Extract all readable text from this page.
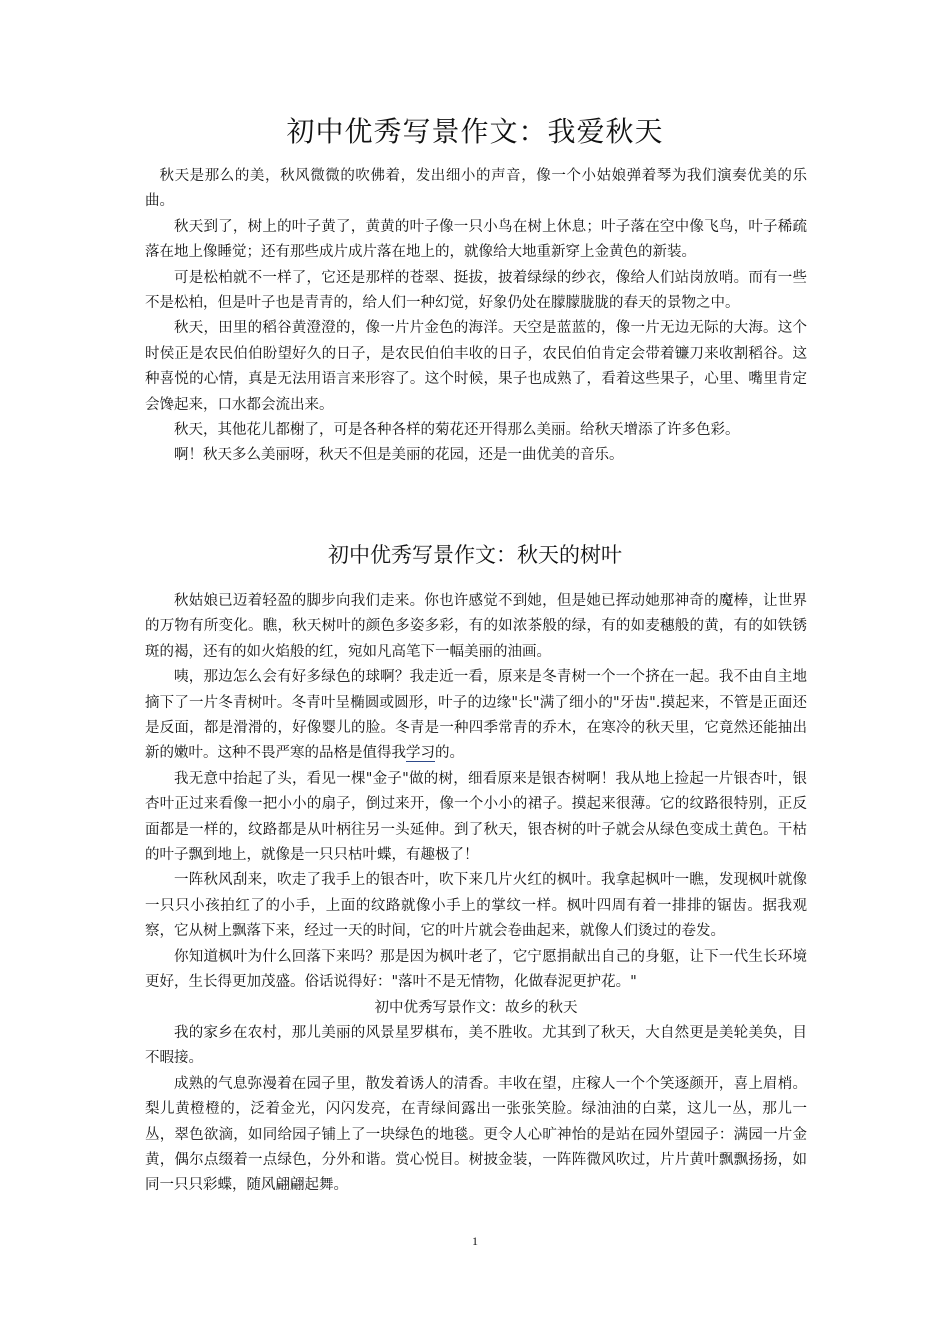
初中优秀写景作文：我爱秋天

秋天是那么的美，秋风微微的吹佛着，发出细小的声音，像一个小姑娘弹着琴为我们演奏优美的乐曲。

秋天到了，树上的叶子黄了，黄黄的叶子像一只小鸟在树上休息；叶子落在空中像飞鸟，叶子稀疏落在地上像睡觉；还有那些成片成片落在地上的，就像给大地重新穿上金黄色的新装。

可是松柏就不一样了，它还是那样的苍翠、挺拔，披着绿绿的纱衣，像给人们站岗放哨。而有一些不是松柏，但是叶子也是青青的，给人们一种幻觉，好象仍处在朦朦胧胧的春天的景物之中。

秋天，田里的稻谷黄澄澄的，像一片片金色的海洋。天空是蓝蓝的，像一片无边无际的大海。这个时侯正是农民伯伯盼望好久的日子，是农民伯伯丰收的日子，农民伯伯肯定会带着镰刀来收割稻谷。这种喜悦的心情，真是无法用语言来形容了。这个时候，果子也成熟了，看着这些果子，心里、嘴里肯定会馋起来，口水都会流出来。

秋天，其他花儿都榭了，可是各种各样的菊花还开得那么美丽。给秋天增添了许多色彩。

啊！秋天多么美丽呀，秋天不但是美丽的花园，还是一曲优美的音乐。

初中优秀写景作文：秋天的树叶

秋姑娘已迈着轻盈的脚步向我们走来。你也许感觉不到她，但是她已挥动她那神奇的魔棒，让世界的万物有所变化。瞧，秋天树叶的颜色多姿多彩，有的如浓茶般的绿，有的如麦穗般的黄，有的如铁锈斑的褐，还有的如火焰般的红，宛如凡高笔下一幅美丽的油画。

咦，那边怎么会有好多绿色的球啊？我走近一看，原来是冬青树一个一个挤在一起。我不由自主地摘下了一片冬青树叶。冬青叶呈椭圆或圆形，叶子的边缘"长"满了细小的"牙齿".摸起来，不管是正面还是反面，都是滑滑的，好像婴儿的脸。冬青是一种四季常青的乔木，在寒冷的秋天里，它竟然还能抽出新的嫩叶。这种不畏严寒的品格是值得我学习的。

我无意中抬起了头，看见一棵"金子"做的树，细看原来是银杏树啊！我从地上捡起一片银杏叶，银杏叶正过来看像一把小小的扇子，倒过来开，像一个小小的裙子。摸起来很薄。它的纹路很特别，正反面都是一样的，纹路都是从叶柄往另一头延伸。到了秋天，银杏树的叶子就会从绿色变成土黄色。干枯的叶子飘到地上，就像是一只只枯叶蝶，有趣极了！

一阵秋风刮来，吹走了我手上的银杏叶，吹下来几片火红的枫叶。我拿起枫叶一瞧，发现枫叶就像一只只小孩拍红了的小手，上面的纹路就像小手上的掌纹一样。枫叶四周有着一排排的锯齿。据我观察，它从树上飘落下来，经过一天的时间，它的叶片就会卷曲起来，就像人们烫过的卷发。

你知道枫叶为什么回落下来吗？那是因为枫叶老了，它宁愿捐献出自己的身躯，让下一代生长环境更好，生长得更加茂盛。俗话说得好："落叶不是无情物，化做春泥更护花。"

初中优秀写景作文：故乡的秋天

我的家乡在农村，那儿美丽的风景星罗棋布，美不胜收。尤其到了秋天，大自然更是美轮美奂，目不暇接。

成熟的气息弥漫着在园子里，散发着诱人的清香。丰收在望，庄稼人一个个笑逐颜开，喜上眉梢。梨儿黄橙橙的，泛着金光，闪闪发亮，在青绿间露出一张张笑脸。绿油油的白菜，这儿一丛，那儿一丛，翠色欲滴，如同给园子铺上了一块绿色的地毯。更令人心旷神怡的是站在园外望园子：满园一片金黄，偶尔点缀着一点绿色，分外和谐。赏心悦目。树披金装，一阵阵微风吹过，片片黄叶飘飘扬扬，如同一只只彩蝶，随风翩翩起舞。

1
